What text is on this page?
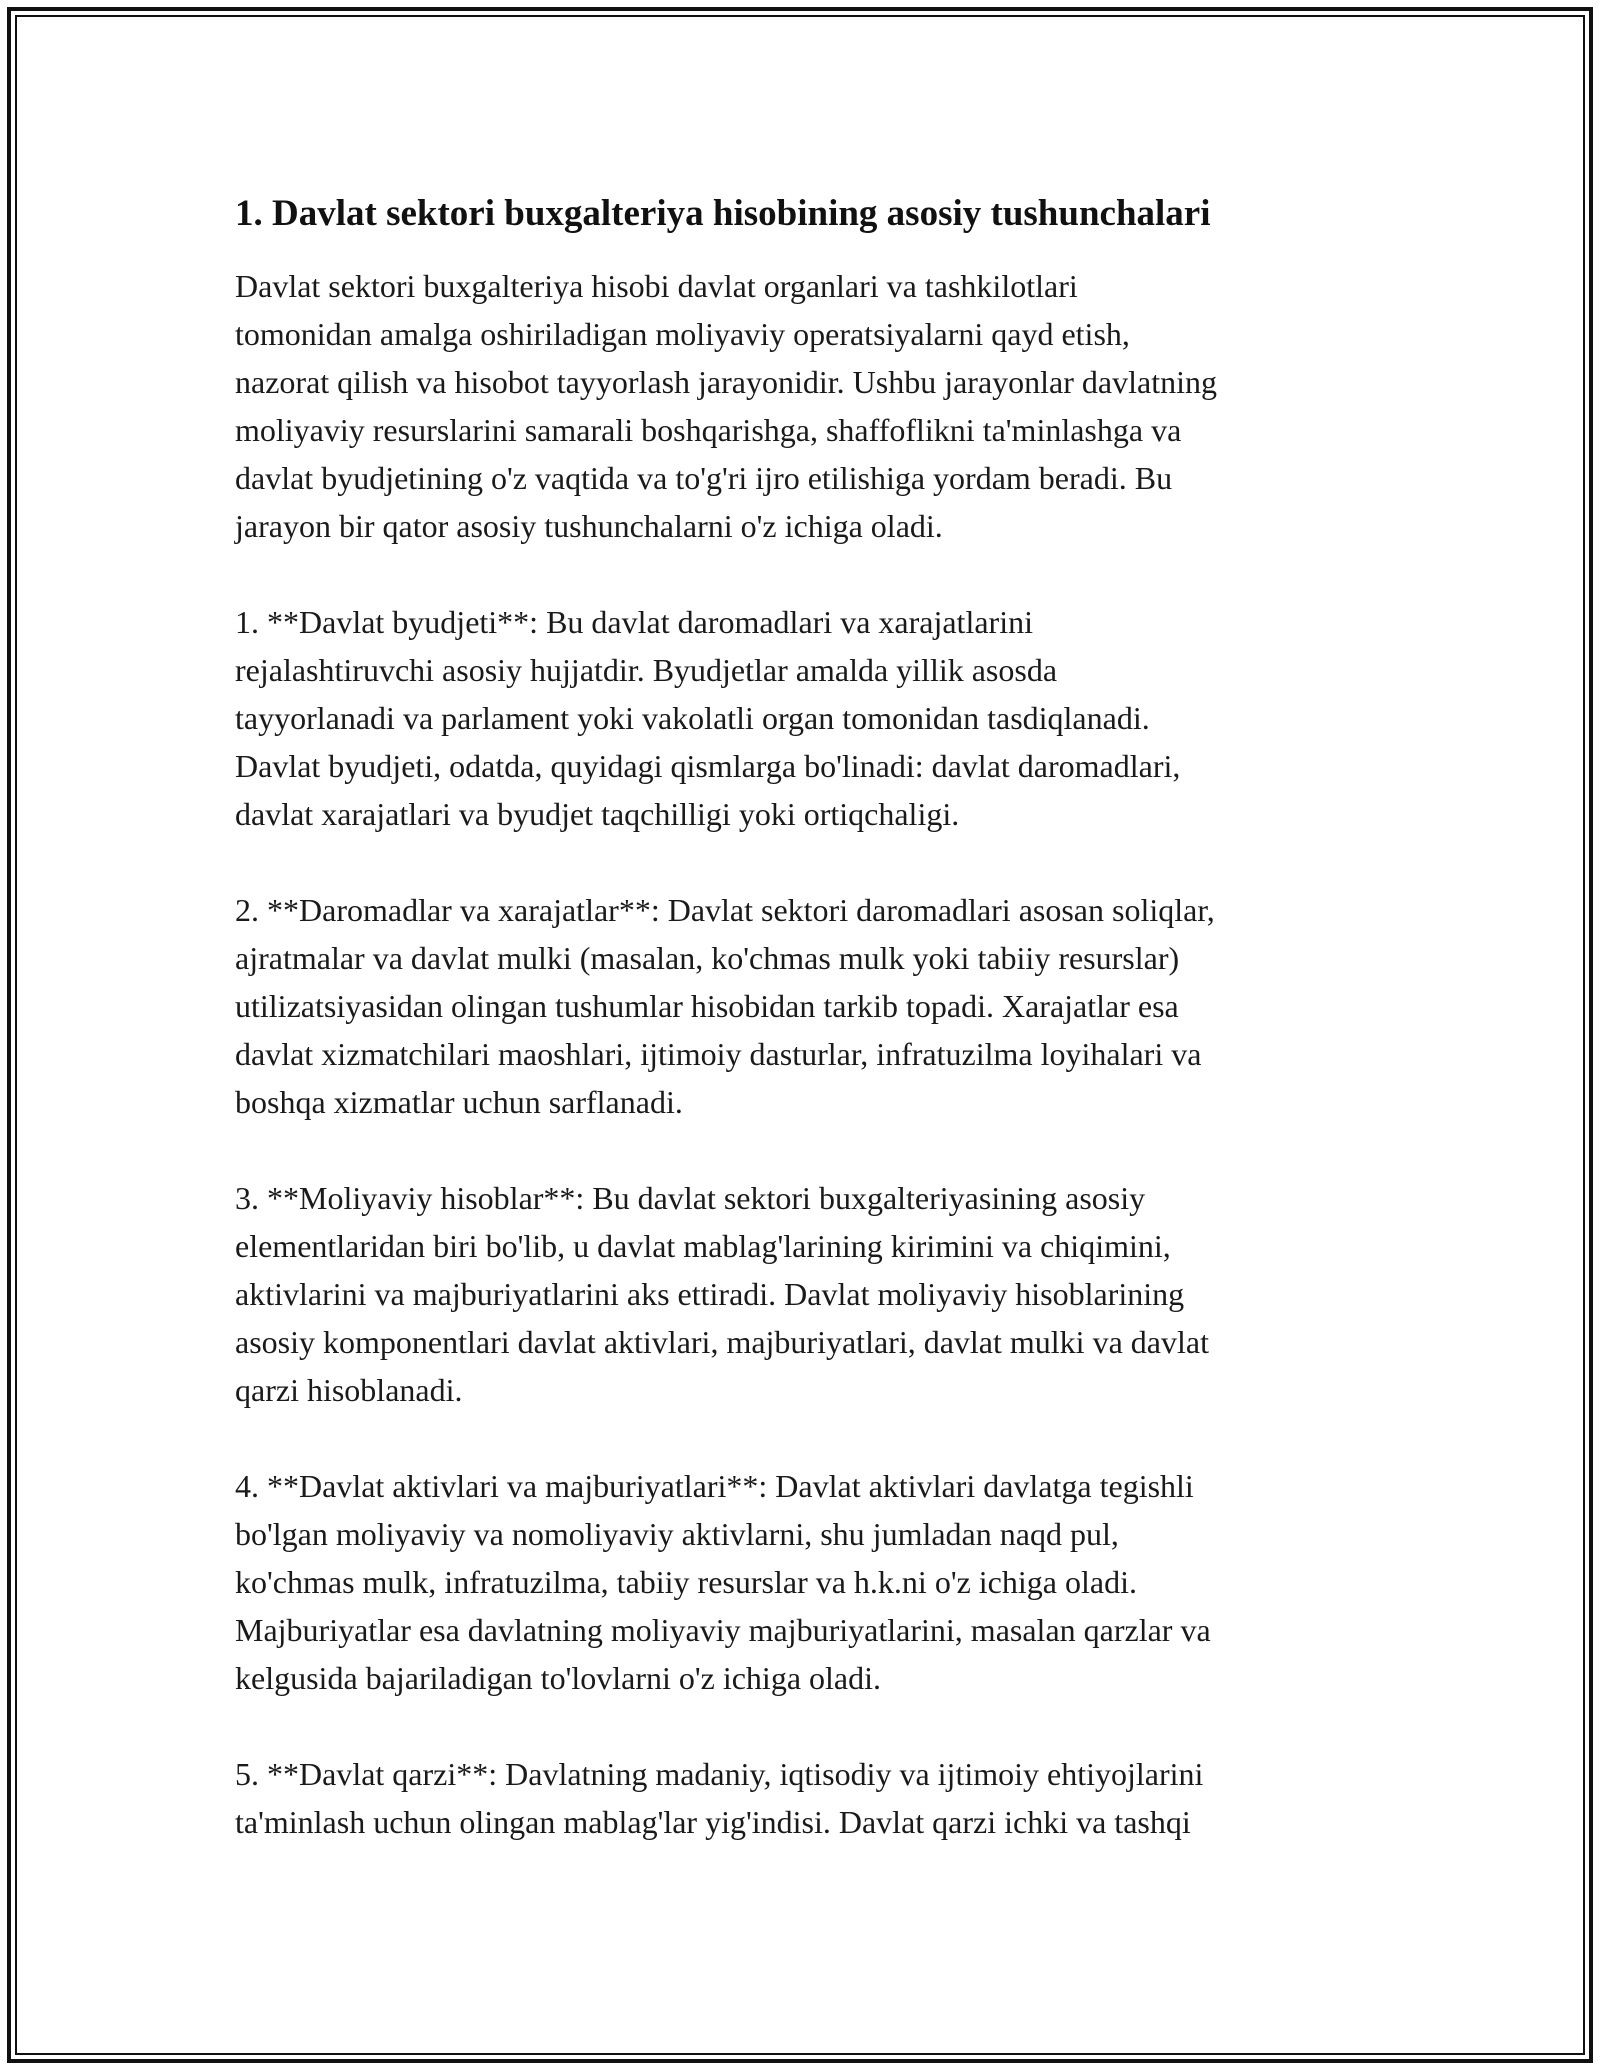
1. Davlat sektori buxgalteriya hisobining asosiy tushunchalari

Davlat sektori buxgalteriya hisobi davlat organlari va tashkilotlari
tomonidan amalga oshiriladigan moliyaviy operatsiyalarni qayd etish,
nazorat qilish va hisobot tayyorlash jarayonidir. Ushbu jarayonlar davlatning
moliyaviy resurslarini samarali boshqarishga, shaffoflikni ta'minlashga va
davlat byudjetining o'z vaqtida va to'g'ri ijro etilishiga yordam beradi. Bu
jarayon bir qator asosiy tushunchalarni o'z ichiga oladi.

1. **Davlat byudjeti**: Bu davlat daromadlari va xarajatlarini
rejalashtiruvchi asosiy hujjatdir. Byudjetlar amalda yillik asosda
tayyorlanadi va parlament yoki vakolatli organ tomonidan tasdiqlanadi.
Davlat byudjeti, odatda, quyidagi qismlarga bo'linadi: davlat daromadlari,
davlat xarajatlari va byudjet taqchilligi yoki ortiqchaligi.

2. **Daromadlar va xarajatlar**: Davlat sektori daromadlari asosan soliqlar,
ajratmalar va davlat mulki (masalan, ko'chmas mulk yoki tabiiy resurslar)
utilizatsiyasidan olingan tushumlar hisobidan tarkib topadi. Xarajatlar esa
davlat xizmatchilari maoshlari, ijtimoiy dasturlar, infratuzilma loyihalari va
boshqa xizmatlar uchun sarflanadi.

3. **Moliyaviy hisoblar**: Bu davlat sektori buxgalteriyasining asosiy
elementlaridan biri bo'lib, u davlat mablag'larining kirimini va chiqimini,
aktivlarini va majburiyatlarini aks ettiradi. Davlat moliyaviy hisoblarining
asosiy komponentlari davlat aktivlari, majburiyatlari, davlat mulki va davlat
qarzi hisoblanadi.

4. **Davlat aktivlari va majburiyatlari**: Davlat aktivlari davlatga tegishli
bo'lgan moliyaviy va nomoliyaviy aktivlarni, shu jumladan naqd pul,
ko'chmas mulk, infratuzilma, tabiiy resurslar va h.k.ni o'z ichiga oladi.
Majburiyatlar esa davlatning moliyaviy majburiyatlarini, masalan qarzlar va
kelgusida bajariladigan to'lovlarni o'z ichiga oladi.

5. **Davlat qarzi**: Davlatning madaniy, iqtisodiy va ijtimoiy ehtiyojlarini
ta'minlash uchun olingan mablag'lar yig'indisi. Davlat qarzi ichki va tashqi
